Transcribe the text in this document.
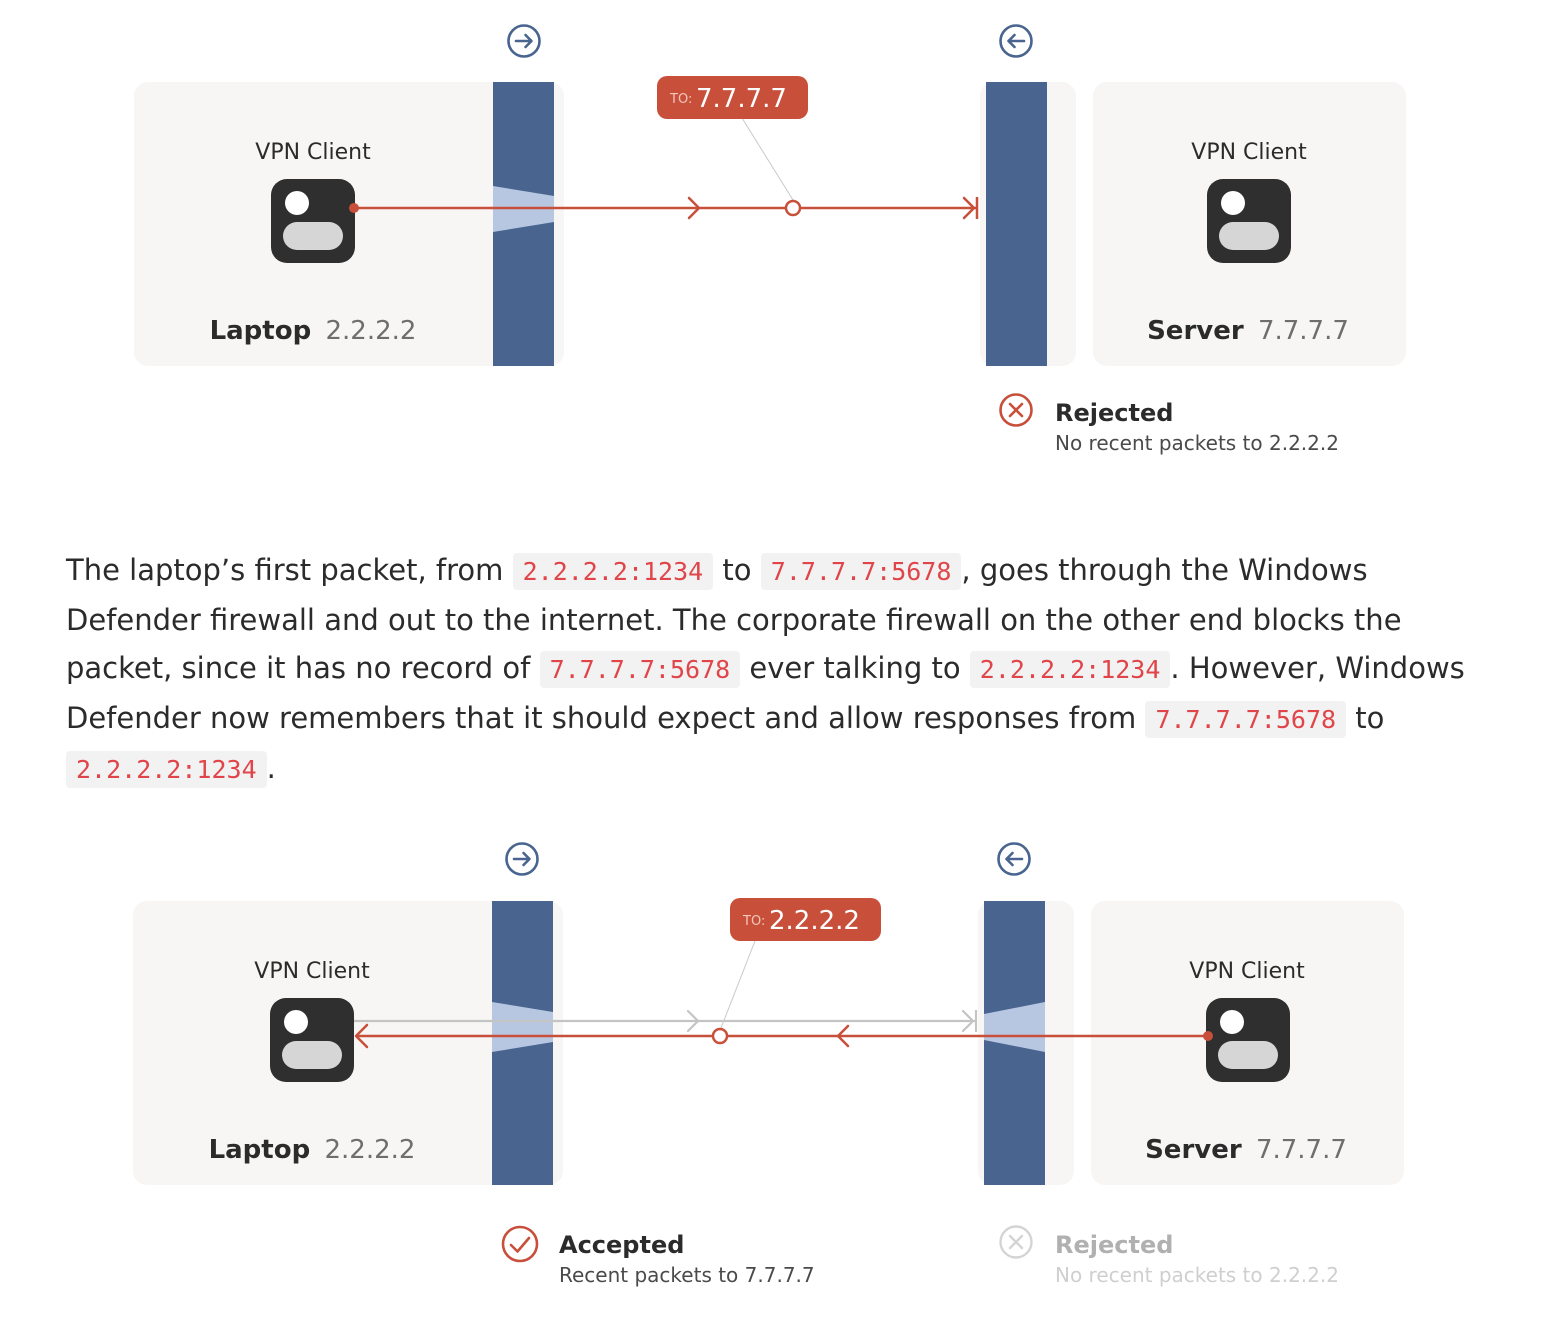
TO: 7.7.7.7
VPN Client	VPN Client
Laptop 2.2.2.2	Server 7.7.7.7
Rejected
No recent packets to 2.2.2.2

The laptop’s first packet, from 2.2.2.2:1234 to 7.7.7.7:5678 , goes through the Windows Defender firewall and out to the internet. The corporate firewall on the other end blocks the packet, since it has no record of 7.7.7.7:5678 ever talking to 2.2.2.2:1234 . However, Windows Defender now remembers that it should expect and allow responses from 7.7.7.7:5678 to 2.2.2.2:1234 .

TO: 2.2.2.2
VPN Client	VPN Client
Laptop 2.2.2.2	Server 7.7.7.7
Accepted
Recent packets to 7.7.7.7
Rejected
No recent packets to 2.2.2.2
